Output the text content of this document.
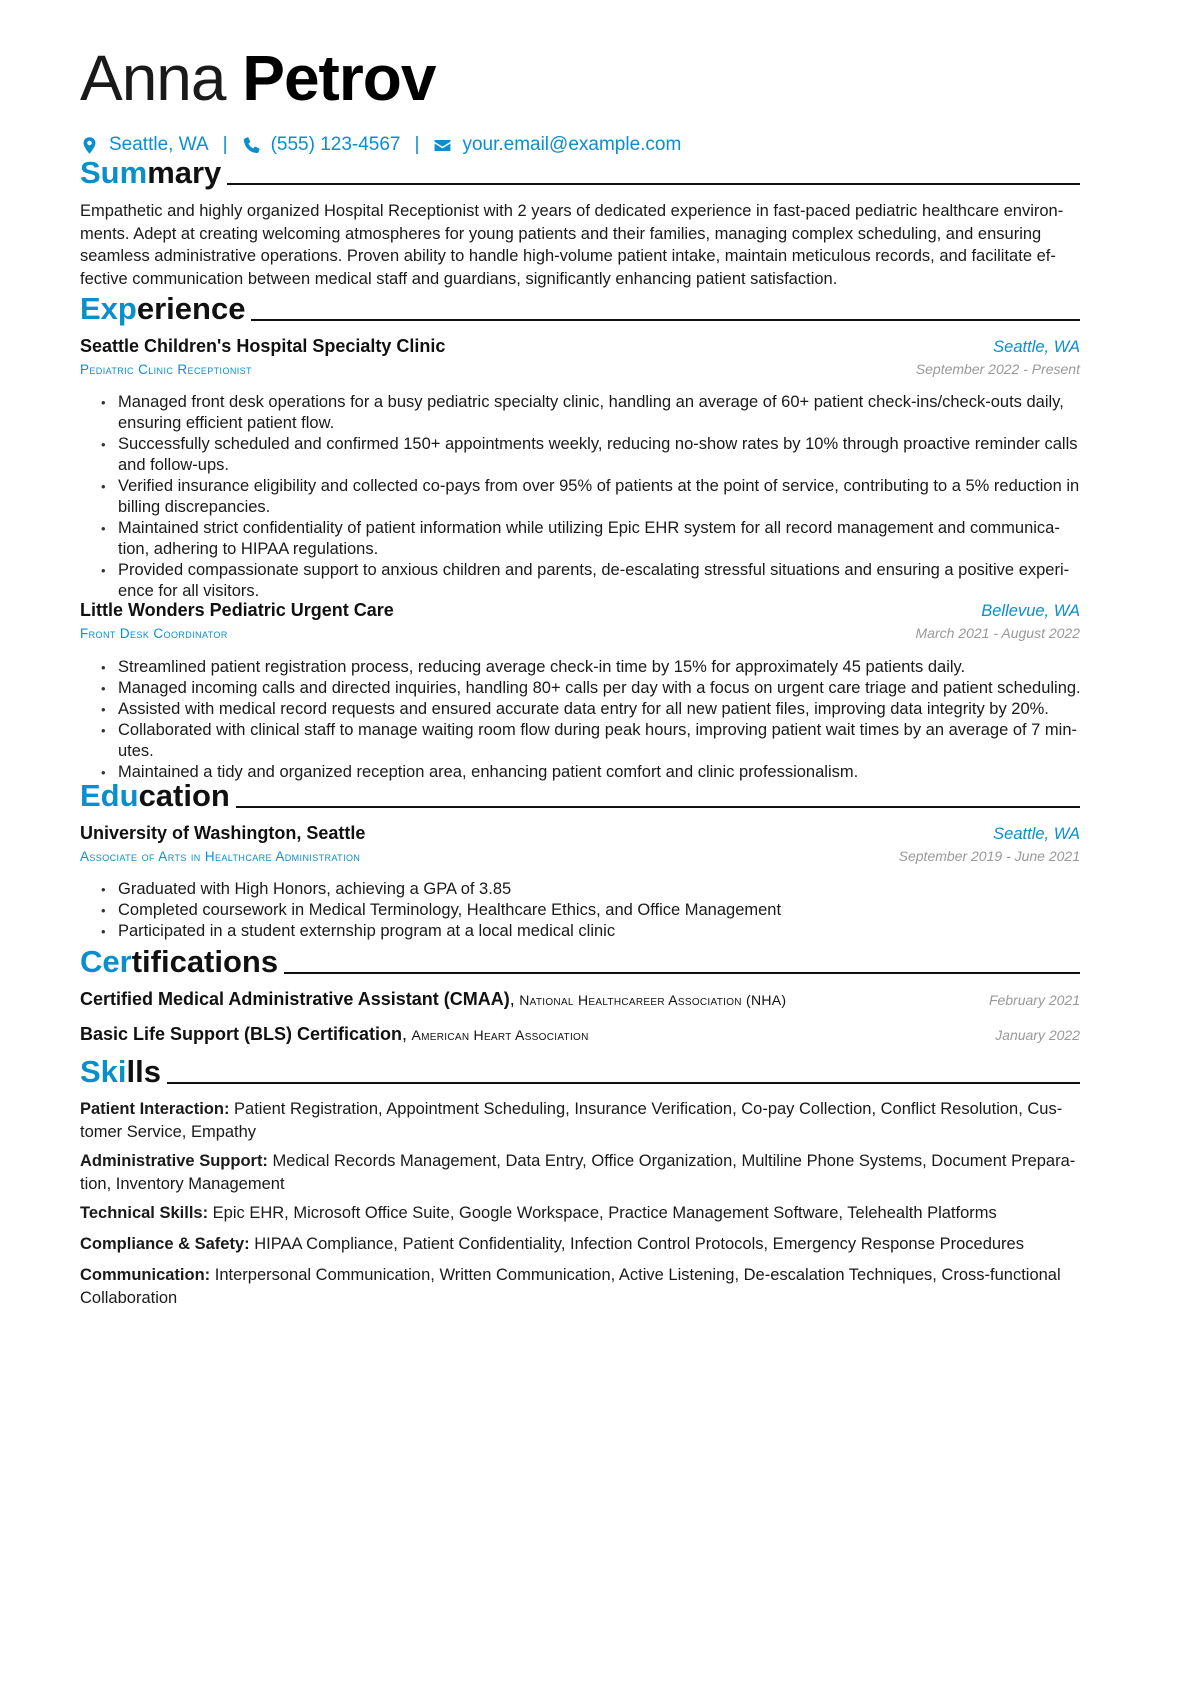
Anna Petrov
Seattle, WA | (555) 123-4567 | your.email@example.com
Summary
Empathetic and highly organized Hospital Receptionist with 2 years of dedicated experience in fast-paced pediatric healthcare environ-
ments. Adept at creating welcoming atmospheres for young patients and their families, managing complex scheduling, and ensuring
seamless administrative operations. Proven ability to handle high-volume patient intake, maintain meticulous records, and facilitate ef-
fective communication between medical staff and guardians, significantly enhancing patient satisfaction.
Experience
Seattle Children's Hospital Specialty Clinic	Seattle, WA
Pediatric Clinic Receptionist	September 2022 - Present
• Managed front desk operations for a busy pediatric specialty clinic, handling an average of 60+ patient check-ins/check-outs daily,
ensuring efficient patient flow.
• Successfully scheduled and confirmed 150+ appointments weekly, reducing no-show rates by 10% through proactive reminder calls
and follow-ups.
• Verified insurance eligibility and collected co-pays from over 95% of patients at the point of service, contributing to a 5% reduction in
billing discrepancies.
• Maintained strict confidentiality of patient information while utilizing Epic EHR system for all record management and communica-
tion, adhering to HIPAA regulations.
• Provided compassionate support to anxious children and parents, de-escalating stressful situations and ensuring a positive experi-
ence for all visitors.
Little Wonders Pediatric Urgent Care	Bellevue, WA
Front Desk Coordinator	March 2021 - August 2022
• Streamlined patient registration process, reducing average check-in time by 15% for approximately 45 patients daily.
• Managed incoming calls and directed inquiries, handling 80+ calls per day with a focus on urgent care triage and patient scheduling.
• Assisted with medical record requests and ensured accurate data entry for all new patient files, improving data integrity by 20%.
• Collaborated with clinical staff to manage waiting room flow during peak hours, improving patient wait times by an average of 7 min-
utes.
• Maintained a tidy and organized reception area, enhancing patient comfort and clinic professionalism.
Education
University of Washington, Seattle	Seattle, WA
Associate of Arts in Healthcare Administration	September 2019 - June 2021
• Graduated with High Honors, achieving a GPA of 3.85
• Completed coursework in Medical Terminology, Healthcare Ethics, and Office Management
• Participated in a student externship program at a local medical clinic
Certifications
Certified Medical Administrative Assistant (CMAA), National Healthcareer Association (NHA)	February 2021
Basic Life Support (BLS) Certification, American Heart Association	January 2022
Skills
Patient Interaction: Patient Registration, Appointment Scheduling, Insurance Verification, Co-pay Collection, Conflict Resolution, Cus-
tomer Service, Empathy
Administrative Support: Medical Records Management, Data Entry, Office Organization, Multiline Phone Systems, Document Prepara-
tion, Inventory Management
Technical Skills: Epic EHR, Microsoft Office Suite, Google Workspace, Practice Management Software, Telehealth Platforms
Compliance & Safety: HIPAA Compliance, Patient Confidentiality, Infection Control Protocols, Emergency Response Procedures
Communication: Interpersonal Communication, Written Communication, Active Listening, De-escalation Techniques, Cross-functional
Collaboration
